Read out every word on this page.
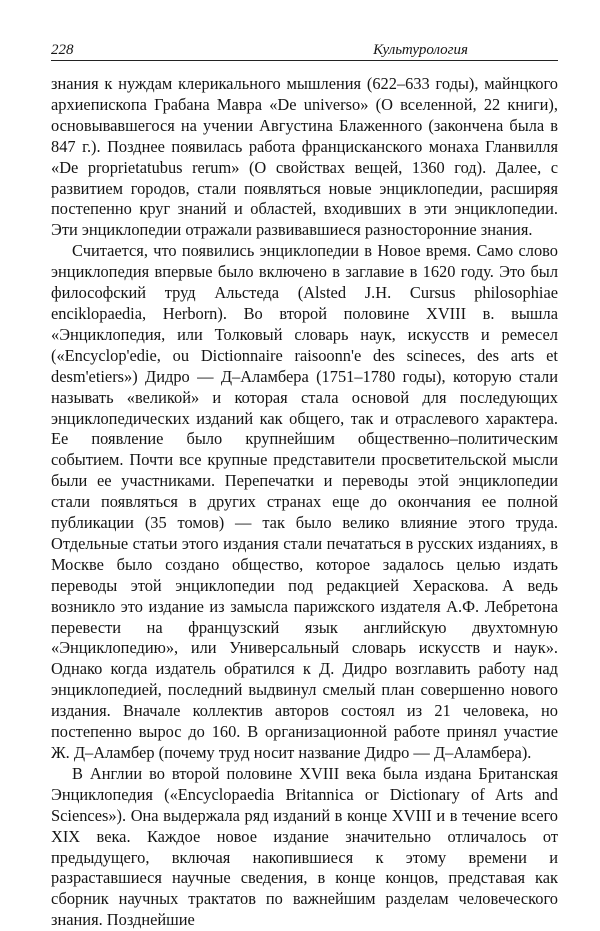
228	Культурология

знания к нуждам клерикального мышления (622–633 годы), майнцкого архиепископа Грабана Мавра «De universo» (О вселенной, 22 книги), основывавшегося на учении Августина Блаженного (закончена была в 847 г.). Позднее появилась работа францисканского монаха Гланвилля «De proprietatubus rerum» (О свойствах вещей, 1360 год). Далее, с развитием городов, стали появляться новые энциклопедии, расширяя постепенно круг знаний и областей, входивших в эти энциклопедии. Эти энциклопедии отражали развивавшиеся разносторонние знания.

Считается, что появились энциклопедии в Новое время. Само слово энциклопедия впервые было включено в заглавие в 1620 году. Это был философский труд Альстеда (Alsted J.H. Cursus philosophiae enciklopaedia, Herborn). Во второй половине XVIII в. вышла «Энциклопедия, или Толковый словарь наук, искусств и ремесел («Encyclop'edie, ou Dictionnaire raisoonn'e des scineces, des arts et desm'etiers») Дидро — Д–Аламбера (1751–1780 годы), которую стали называть «великой» и которая стала основой для последующих энциклопедических изданий как общего, так и отраслевого характера. Ее появление было крупнейшим общественно–политическим событием. Почти все крупные представители просветительской мысли были ее участниками. Перепечатки и переводы этой энциклопедии стали появляться в других странах еще до окончания ее полной публикации (35 томов) — так было велико влияние этого труда. Отдельные статьи этого издания стали печататься в русских изданиях, в Москве было создано общество, которое задалось целью издать переводы этой энциклопедии под редакцией Хераскова. А ведь возникло это издание из замысла парижского издателя А.Ф. Лебретона перевести на французский язык английскую двухтомную «Энциклопедию», или Универсальный словарь искусств и наук». Однако когда издатель обратился к Д. Дидро возглавить работу над энциклопедией, последний выдвинул смелый план совершенно нового издания. Вначале коллектив авторов состоял из 21 человека, но постепенно вырос до 160. В организационной работе принял участие Ж. Д–Аламбер (почему труд носит название Дидро — Д–Аламбера).

В Англии во второй половине XVIII века была издана Британская Энциклопедия («Encyclopaedia Britannica or Dictionary of Arts and Sciences»). Она выдержала ряд изданий в конце XVIII и в течение всего XIX века. Каждое новое издание значительно отличалось от предыдущего, включая накопившиеся к этому времени и разраставшиеся научные сведения, в конце концов, представая как сборник научных трактатов по важнейшим разделам человеческого знания. Позднейшие
